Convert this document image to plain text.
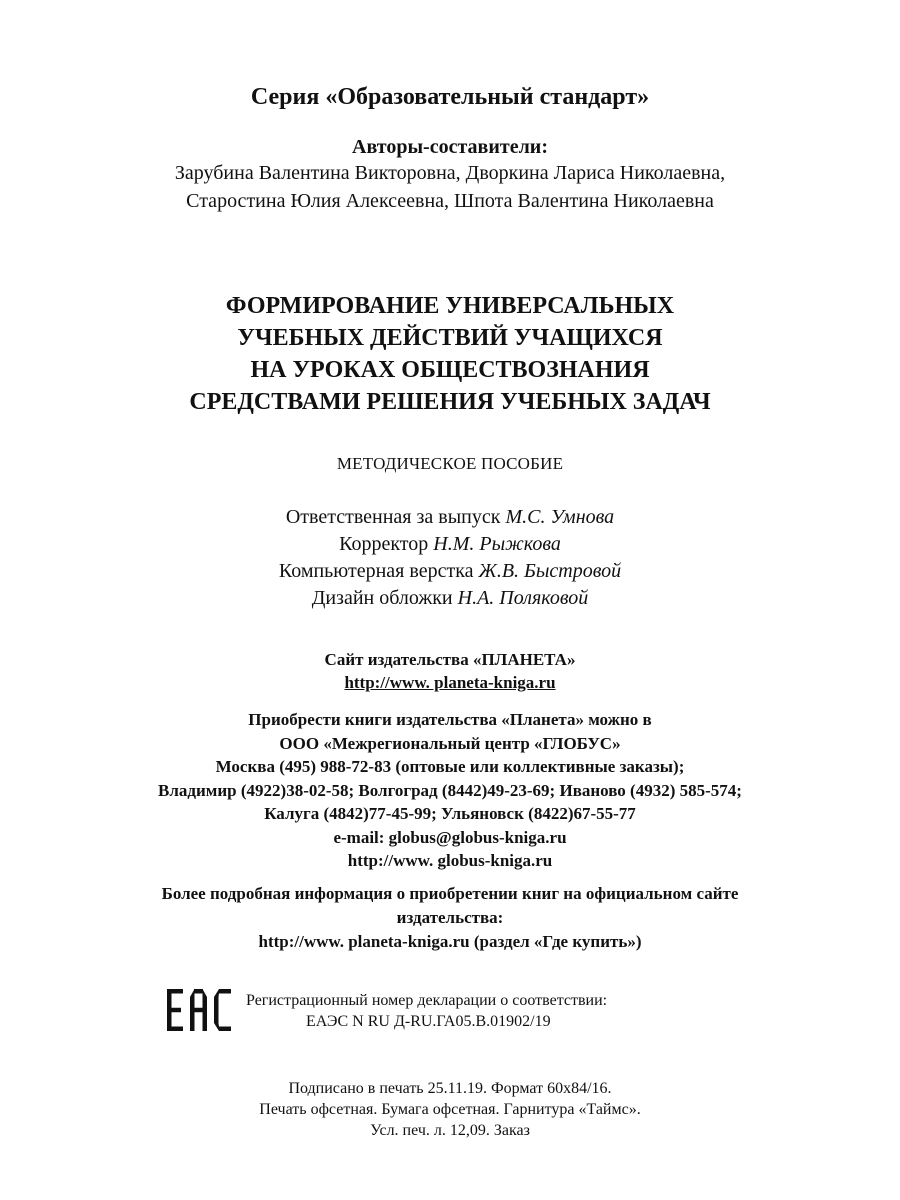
Серия «Образовательный стандарт»
Авторы-составители:
Зарубина Валентина Викторовна, Дворкина Лариса Николаевна,
Старостина Юлия Алексеевна, Шпота Валентина Николаевна
ФОРМИРОВАНИЕ УНИВЕРСАЛЬНЫХ
УЧЕБНЫХ ДЕЙСТВИЙ УЧАЩИХСЯ
НА УРОКАХ ОБЩЕСТВОЗНАНИЯ
СРЕДСТВАМИ РЕШЕНИЯ УЧЕБНЫХ ЗАДАЧ
МЕТОДИЧЕСКОЕ ПОСОБИЕ
Ответственная за выпуск М.С. Умнова
Корректор Н.М. Рыжкова
Компьютерная верстка Ж.В. Быстровой
Дизайн обложки Н.А. Поляковой
Сайт издательства «ПЛАНЕТА»
http://www. planeta-kniga.ru
Приобрести книги издательства «Планета» можно в
ООО «Межрегиональный центр «ГЛОБУС»
Москва (495) 988-72-83 (оптовые или коллективные заказы);
Владимир (4922)38-02-58; Волгоград (8442)49-23-69; Иваново (4932) 585-574;
Калуга (4842)77-45-99; Ульяновск (8422)67-55-77
e-mail: globus@globus-kniga.ru
http://www. globus-kniga.ru
Более подробная информация о приобретении книг на официальном сайте
издательства:
http://www. planeta-kniga.ru (раздел «Где купить»)
Регистрационный номер декларации о соответствии:
ЕАЭС N RU Д-RU.ГА05.В.01902/19
Подписано в печать 25.11.19. Формат 60х84/16.
Печать офсетная. Бумага офсетная. Гарнитура «Таймс».
Усл. печ. л. 12,09. Заказ
